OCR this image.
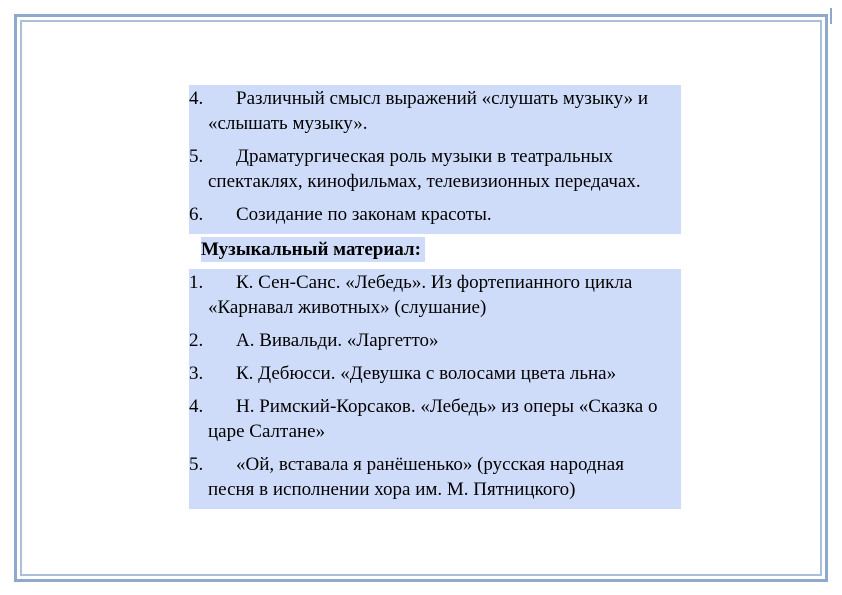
4.	Различный смысл выражений «слушать музыку» и «слышать музыку».
5.	Драматургическая роль музыки в театральных спектаклях, кинофильмах, телевизионных передачах.
6.	Созидание по законам красоты.
Музыкальный материал:
1.	К. Сен-Санс. «Лебедь». Из фортепианного цикла «Карнавал животных» (слушание)
2.	А. Вивальди. «Ларгетто»
3.	К. Дебюсси. «Девушка с волосами цвета льна»
4.	Н. Римский-Корсаков. «Лебедь» из оперы «Сказка о царе Салтане»
5.	«Ой, вставала я ранёшенько» (русская народная песня в исполнении хора им. М. Пятницкого)
